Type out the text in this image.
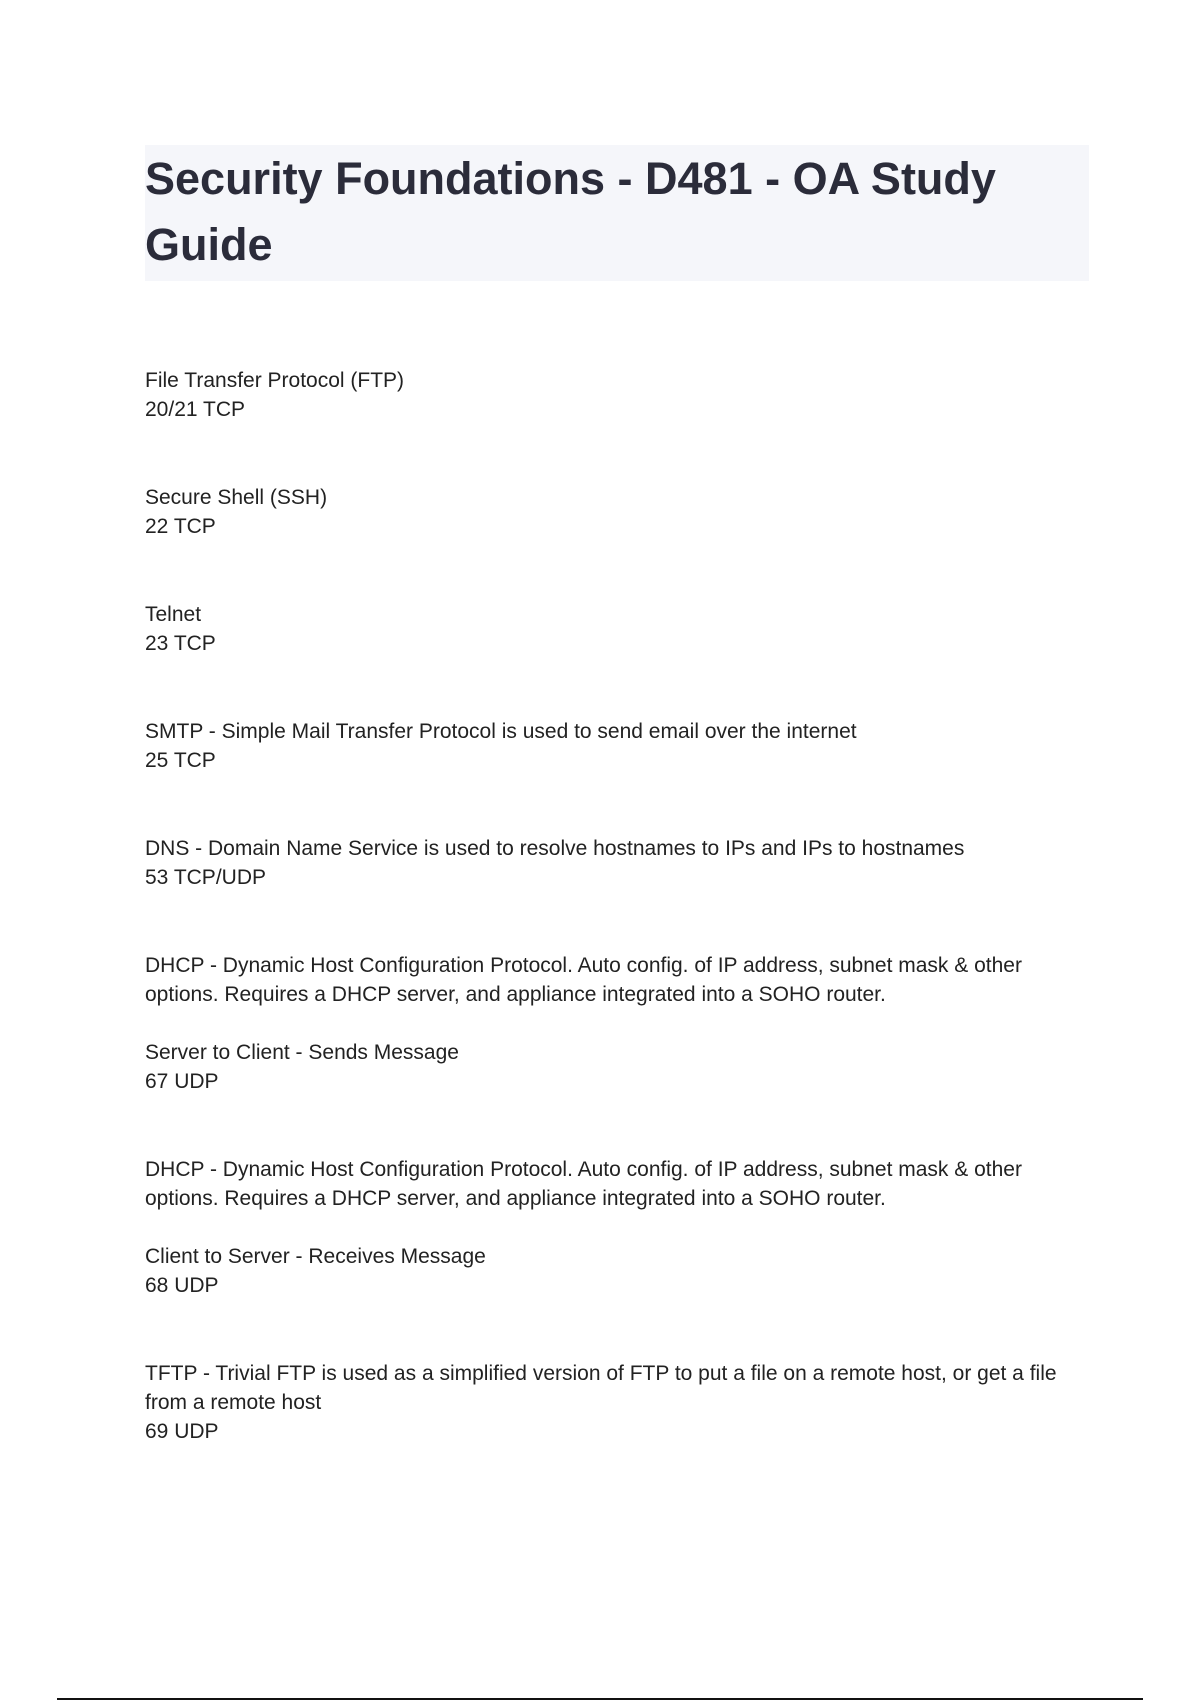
Security Foundations - D481 - OA Study Guide

File Transfer Protocol (FTP)

20/21 TCP

Secure Shell (SSH)

22 TCP

Telnet

23 TCP

SMTP - Simple Mail Transfer Protocol is used to send email over the internet

25 TCP

DNS - Domain Name Service is used to resolve hostnames to IPs and IPs to hostnames

53 TCP/UDP

DHCP - Dynamic Host Configuration Protocol. Auto config. of IP address, subnet mask & other options. Requires a DHCP server, and appliance integrated into a SOHO router.

Server to Client - Sends Message

67 UDP

DHCP - Dynamic Host Configuration Protocol. Auto config. of IP address, subnet mask & other options. Requires a DHCP server, and appliance integrated into a SOHO router.

Client to Server - Receives Message

68 UDP

TFTP - Trivial FTP is used as a simplified version of FTP to put a file on a remote host, or get a file from a remote host

69 UDP
